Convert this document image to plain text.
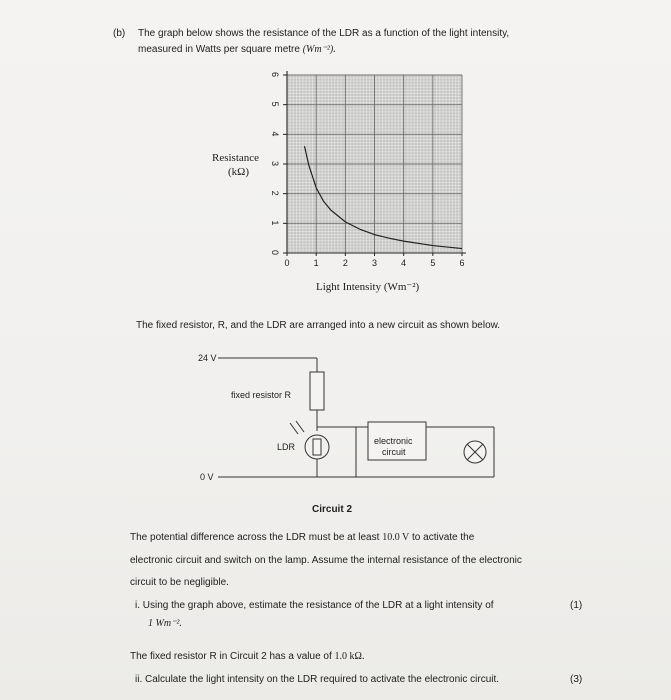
(b) The graph below shows the resistance of the LDR as a function of the light intensity,
measured in Watts per square metre (Wm⁻²).
0
1
2
3
4
5
6
0	1	2	3	4	5	6
Resistance
(kΩ)
Light Intensity (Wm⁻²)
The fixed resistor, R, and the LDR are arranged into a new circuit as shown below.
24 V
0 V
fixed resistor R
LDR
electronic
circuit
Circuit 2
The potential difference across the LDR must be at least 10.0 V to activate the
electronic circuit and switch on the lamp. Assume the internal resistance of the electronic
circuit to be negligible.
i. Using the graph above, estimate the resistance of the LDR at a light intensity of	(1)
1 Wm⁻².
The fixed resistor R in Circuit 2 has a value of 1.0 kΩ.
ii. Calculate the light intensity on the LDR required to activate the electronic circuit.	(3)
